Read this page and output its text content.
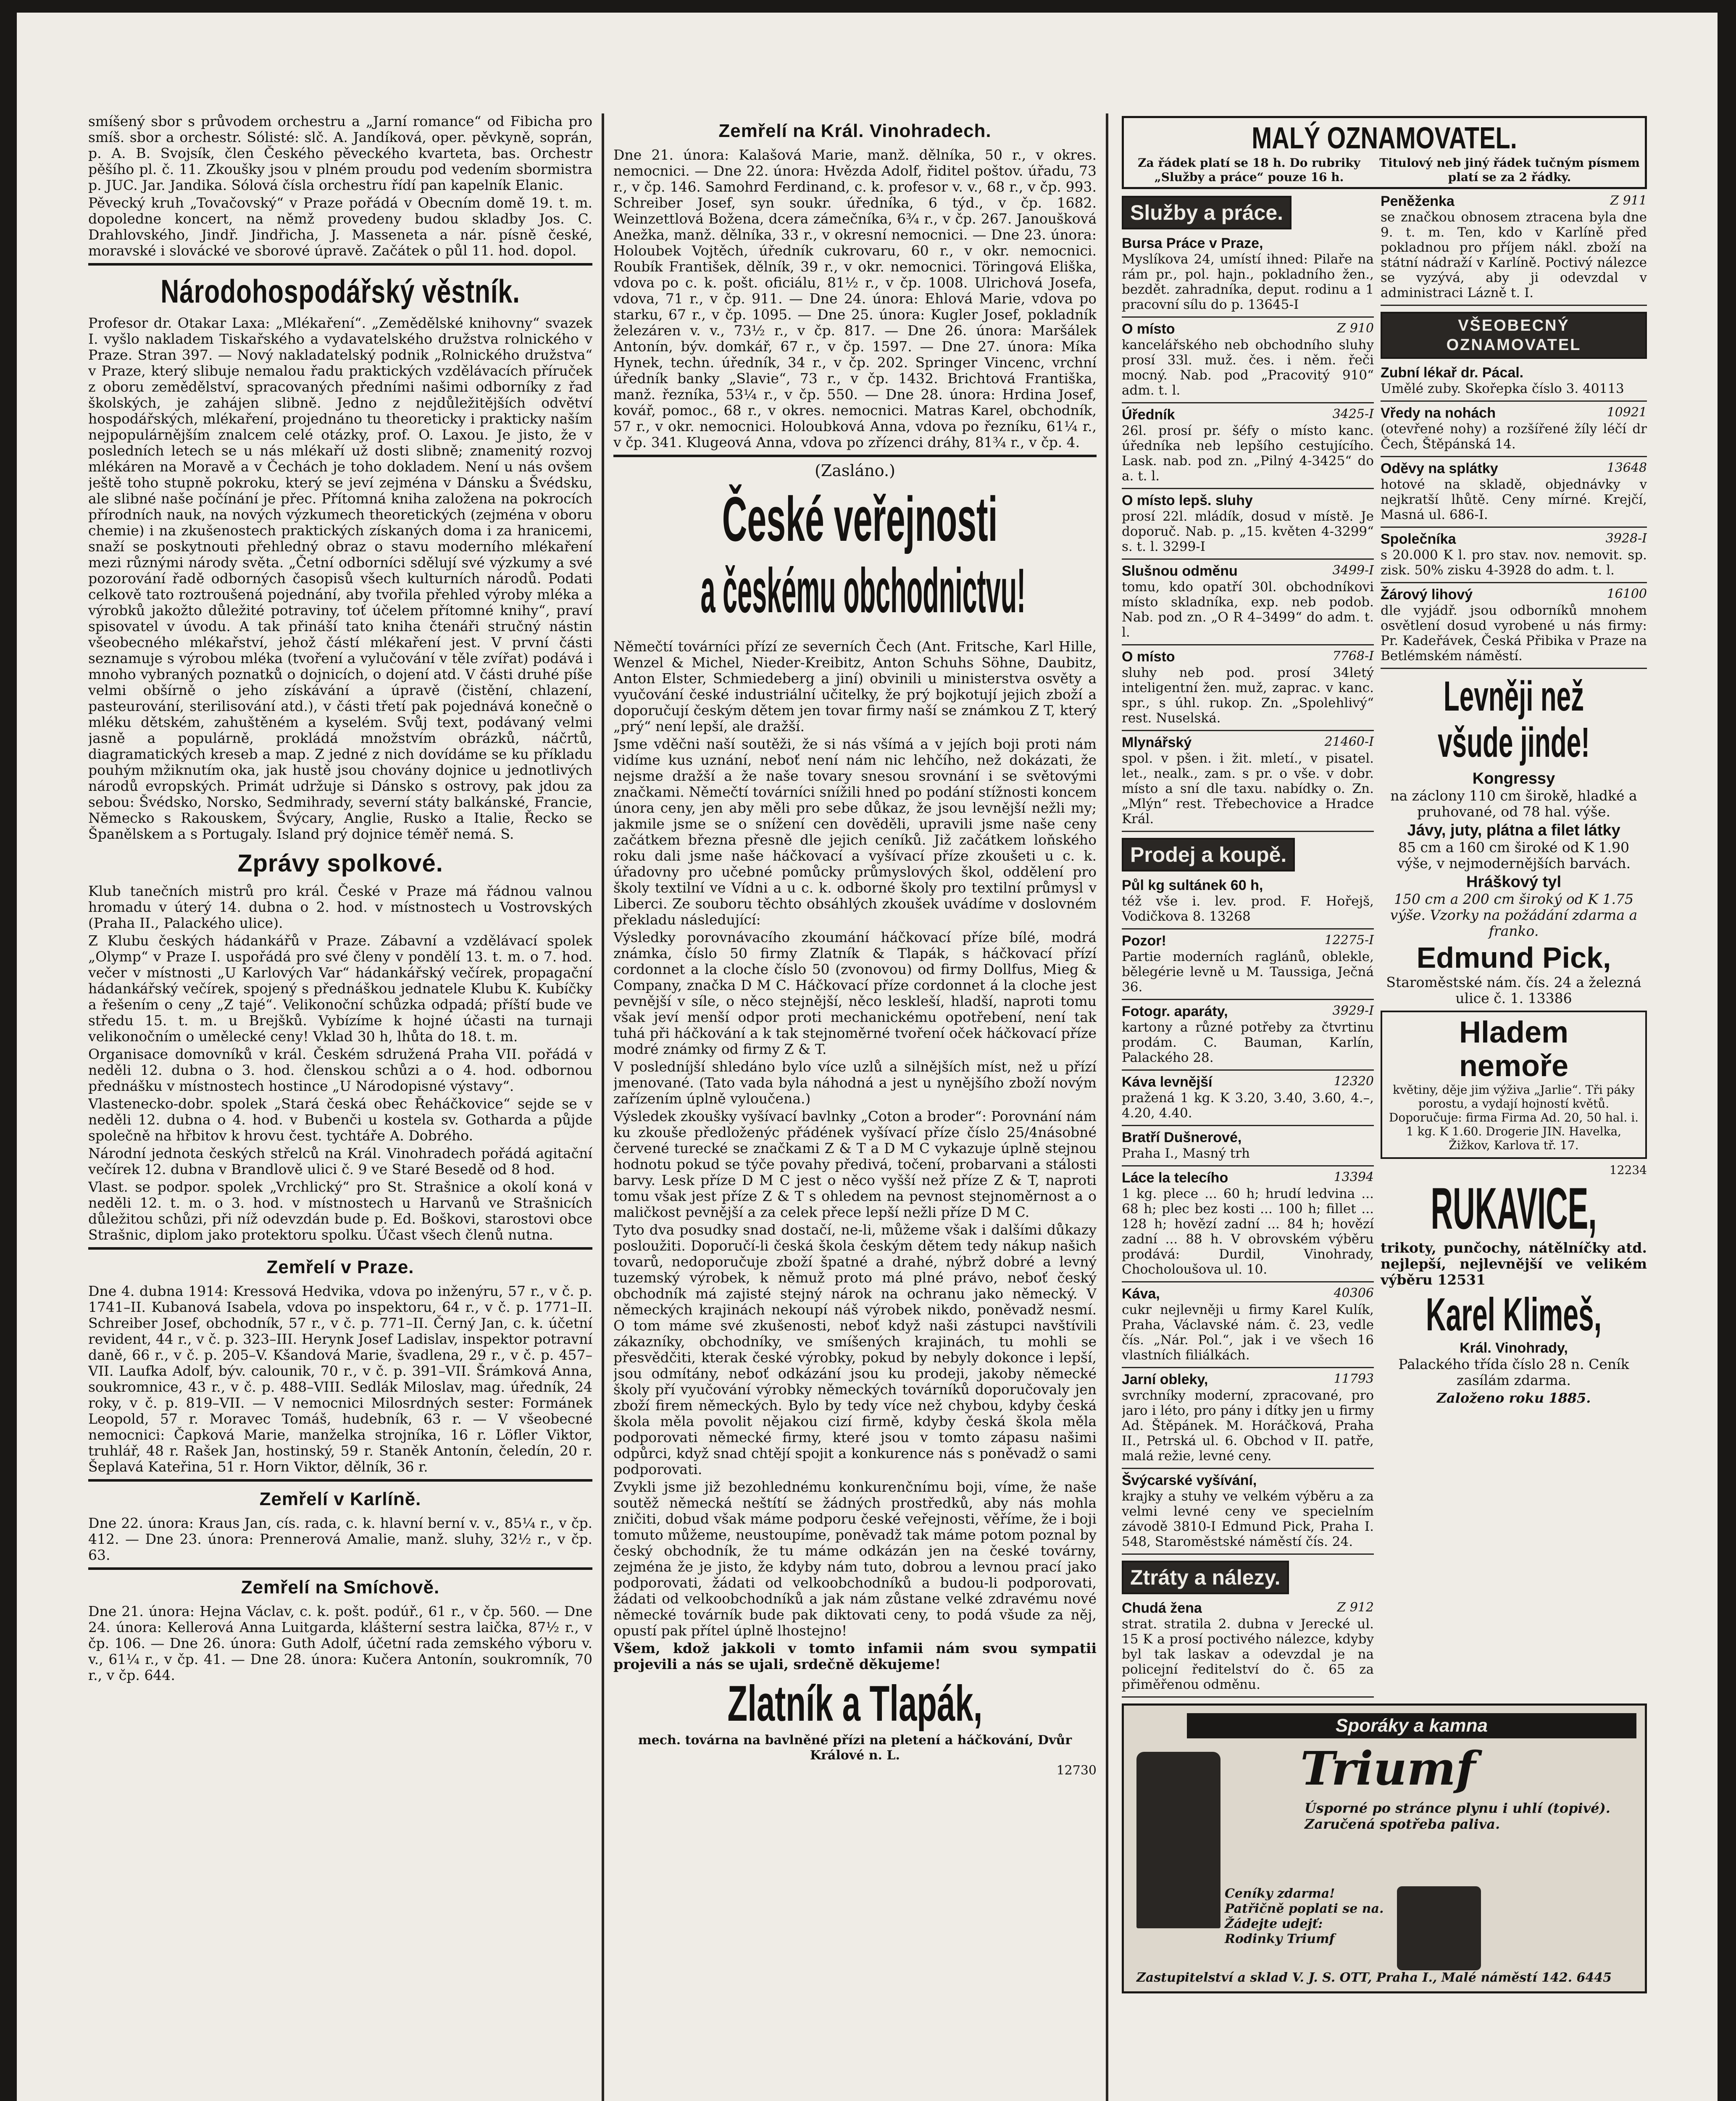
smíšený sbor s průvodem orchestru a „Jarní romance“ od Fibicha pro smíš. sbor a orchestr. Sólisté: slč. A. Jandíková, oper. pěvkyně, soprán, p. A. B. Svojsík, člen Českého pěveckého kvarteta, bas. Orchestr pěšího pl. č. 11. Zkoušky jsou v plném proudu pod vedením sbormistra p. JUC. Jar. Jandika. Sólová čísla orchestru řídí pan kapelník Elanic.

Pěvecký kruh „Tovačovský“ v Praze pořádá v Obecním domě 19. t. m. dopoledne koncert, na němž provedeny budou skladby Jos. C. Drahlovského, Jindř. Jindřicha, J. Masseneta a nár. písně české, moravské i slovácké ve sborové úpravě. Začátek o půl 11. hod. dopol.

Národohospodářský věstník.

Profesor dr. Otakar Laxa: „Mlékaření“. „Zemědělské knihovny“ svazek I. vyšlo nakladem Tiskařského a vydavatelského družstva rolnického v Praze. Stran 397. — Nový nakladatelský podnik „Rolnického družstva“ v Praze, který slibuje nemalou řadu praktických vzdělávacích příruček z oboru zemědělství, spracovaných předními našimi odborníky z řad školských, je zahájen slibně. Jedno z nejdůležitějších odvětví hospodářských, mlékaření, projednáno tu theoreticky i prakticky naším nejpopulárnějším znalcem celé otázky, prof. O. Laxou. Je jisto, že v posledních letech se u nás mlékaří už dosti slibně; znamenitý rozvoj mlékáren na Moravě a v Čechách je toho dokladem. Není u nás ovšem ještě toho stupně pokroku, který se jeví zejména v Dánsku a Švédsku, ale slibné naše počínání je přec. Přítomná kniha založena na pokrocích přírodních nauk, na nových výzkumech theoretických (zejména v oboru chemie) i na zkušenostech praktických získaných doma i za hranicemi, snaží se poskytnouti přehledný obraz o stavu moderního mlékaření mezi různými národy světa. „Četní odborníci sdělují své výzkumy a své pozorování řadě odborných časopisů všech kulturních národů. Podati celkově tato roztroušená pojednání, aby tvořila přehled výroby mléka a výrobků jakožto důležité potraviny, toť účelem přítomné knihy“, praví spisovatel v úvodu. A tak přináší tato kniha čtenáři stručný nástin všeobecného mlékařství, jehož částí mlékaření jest. V první části seznamuje s výrobou mléka (tvoření a vylučování v těle zvířat) podává i mnoho vybraných poznatků o dojnicích, o dojení atd. V části druhé píše velmi obšírně o jeho získávání a úpravě (čistění, chlazení, pasteurování, sterilisování atd.), v části třetí pak pojednává konečně o mléku dětském, zahuštěném a kyselém. Svůj text, podávaný velmi jasně a populárně, prokládá množstvím obrázků, náčrtů, diagramatických kreseb a map. Z jedné z nich dovídáme se ku příkladu pouhým mžiknutím oka, jak hustě jsou chovány dojnice u jednotlivých národů evropských. Primát udržuje si Dánsko s ostrovy, pak jdou za sebou: Švédsko, Norsko, Sedmihrady, severní státy balkánské, Francie, Německo s Rakouskem, Švýcary, Anglie, Rusko a Italie, Řecko se Španělskem a s Portugaly. Island prý dojnice téměř nemá. S.

Zprávy spolkové.

Klub tanečních mistrů pro král. České v Praze má řádnou valnou hromadu v úterý 14. dubna o 2. hod. v místnostech u Vostrovských (Praha II., Palackého ulice).

Z Klubu českých hádankářů v Praze. Zábavní a vzdělávací spolek „Olymp“ v Praze I. uspořádá pro své členy v pondělí 13. t. m. o 7. hod. večer v místnosti „U Karlových Var“ hádankářský večírek, propagační hádankářský večírek, spojený s přednáškou jednatele Klubu K. Kubíčky a řešením o ceny „Z tajé“. Velikonoční schůzka odpadá; příští bude ve středu 15. t. m. u Brejšků. Vybízíme k hojné účasti na turnaji velikonočním o umělecké ceny! Vklad 30 h, lhůta do 18. t. m.

Organisace domovníků v král. Českém sdružená Praha VII. pořádá v neděli 12. dubna o 3. hod. členskou schůzi a o 4. hod. odbornou přednášku v místnostech hostince „U Národopisné výstavy“.

Vlastenecko-dobr. spolek „Stará česká obec Řeháčkovice“ sejde se v neděli 12. dubna o 4. hod. v Bubenči u kostela sv. Gotharda a půjde společně na hřbitov k hrovu čest. tychtáře A. Dobrého.

Národní jednota českých střelců na Král. Vinohradech pořádá agitační večírek 12. dubna v Brandlově ulici č. 9 ve Staré Besedě od 8 hod.

Vlast. se podpor. spolek „Vrchlický“ pro St. Strašnice a okolí koná v neděli 12. t. m. o 3. hod. v místnostech u Harvanů ve Strašnicích důležitou schůzi, při níž odevzdán bude p. Ed. Boškovi, starostovi obce Strašnic, diplom jako protektoru spolku. Účast všech členů nutna.

Zemřelí v Praze.

Dne 4. dubna 1914: Kressová Hedvika, vdova po inženýru, 57 r., v č. p. 1741–II. Kubanová Isabela, vdova po inspektoru, 64 r., v č. p. 1771–II. Schreiber Josef, obchodník, 57 r., v č. p. 771–II. Černý Jan, c. k. účetní revident, 44 r., v č. p. 323–III. Herynk Josef Ladislav, inspektor potravní daně, 66 r., v č. p. 205–V. Kšandová Marie, švadlena, 29 r., v č. p. 457–VII. Laufka Adolf, býv. calounik, 70 r., v č. p. 391–VII. Šrámková Anna, soukromnice, 43 r., v č. p. 488–VIII. Sedlák Miloslav, mag. úředník, 24 roky, v č. p. 819–VII. — V nemocnici Milosrdných sester: Formánek Leopold, 57 r. Moravec Tomáš, hudebník, 63 r. — V všeobecné nemocnici: Čapková Marie, manželka strojníka, 16 r. Löfler Viktor, truhlář, 48 r. Rašek Jan, hostinský, 59 r. Staněk Antonín, čeledín, 20 r. Šeplavá Kateřina, 51 r. Horn Viktor, dělník, 36 r.

Zemřelí v Karlíně.

Dne 22. února: Kraus Jan, cís. rada, c. k. hlavní berní v. v., 85¼ r., v čp. 412. — Dne 23. února: Prennerová Amalie, manž. sluhy, 32½ r., v čp. 63.

Zemřelí na Smíchově.

Dne 21. února: Hejna Václav, c. k. pošt. podúř., 61 r., v čp. 560. — Dne 24. února: Kellerová Anna Luitgarda, klášterní sestra laička, 87½ r., v čp. 106. — Dne 26. února: Guth Adolf, účetní rada zemského výboru v. v., 61¼ r., v čp. 41. — Dne 28. února: Kučera Antonín, soukromník, 70 r., v čp. 644.

Zemřelí na Král. Vinohradech.

Dne 21. února: Kalašová Marie, manž. dělníka, 50 r., v okres. nemocnici. — Dne 22. února: Hvězda Adolf, řiditel poštov. úřadu, 73 r., v čp. 146. Samohrd Ferdinand, c. k. profesor v. v., 68 r., v čp. 993. Schreiber Josef, syn soukr. úředníka, 6 týd., v čp. 1682. Weinzettlová Božena, dcera zámečníka, 6¾ r., v čp. 267. Janoušková Anežka, manž. dělníka, 33 r., v okresní nemocnici. — Dne 23. února: Holoubek Vojtěch, úředník cukrovaru, 60 r., v okr. nemocnici. Roubík František, dělník, 39 r., v okr. nemocnici. Töringová Eliška, vdova po c. k. pošt. oficiálu, 81½ r., v čp. 1008. Ulrichová Josefa, vdova, 71 r., v čp. 911. — Dne 24. února: Ehlová Marie, vdova po starku, 67 r., v čp. 1095. — Dne 25. února: Kugler Josef, pokladník železáren v. v., 73½ r., v čp. 817. — Dne 26. února: Maršálek Antonín, býv. domkář, 67 r., v čp. 1597. — Dne 27. února: Míka Hynek, techn. úředník, 34 r., v čp. 202. Springer Vincenc, vrchní úředník banky „Slavie“, 73 r., v čp. 1432. Brichtová Františka, manž. řezníka, 53¼ r., v čp. 550. — Dne 28. února: Hrdina Josef, kovář, pomoc., 68 r., v okres. nemocnici. Matras Karel, obchodník, 57 r., v okr. nemocnici. Holoubková Anna, vdova po řezníku, 61¼ r., v čp. 341. Klugeová Anna, vdova po zřízenci dráhy, 81¾ r., v čp. 4.

(Zasláno.)
České veřejnosti
a českému obchodnictvu!

Němečtí továrníci přízí ze severních Čech (Ant. Fritsche, Karl Hille, Wenzel & Michel, Nieder-Kreibitz, Anton Schuhs Söhne, Daubitz, Anton Elster, Schmiedeberg a jiní) obvinili u ministerstva osvěty a vyučování české industriální učitelky, že prý bojkotují jejich zboží a doporučují českým dětem jen tovar firmy naší se známkou Z T, který „prý“ není lepší, ale dražší.

Jsme vděčni naší soutěži, že si nás všímá a v jejích boji proti nám vidíme kus uznání, neboť není nám nic lehčího, než dokázati, že nejsme dražší a že naše tovary snesou srovnání i se světovými značkami. Němečtí továrníci snížili hned po podání stížnosti koncem února ceny, jen aby měli pro sebe důkaz, že jsou levnější nežli my; jakmile jsme se o snížení cen dověděli, upravili jsme naše ceny začátkem března přesně dle jejich ceníků. Již začátkem loňského roku dali jsme naše háčkovací a vyšívací příze zkoušeti u c. k. úřadovny pro učebné pomůcky průmyslových škol, oddělení pro školy textilní ve Vídni a u c. k. odborné školy pro textilní průmysl v Liberci. Ze souboru těchto obsáhlých zkoušek uvádíme v doslovném překladu následující:

Výsledky porovnávacího zkoumání háčkovací příze bílé, modrá známka, číslo 50 firmy Zlatník & Tlapák, s háčkovací přízí cordonnet a la cloche číslo 50 (zvonovou) od firmy Dollfus, Mieg & Company, značka D M C. Háčkovací příze cordonnet á la cloche jest pevnější v síle, o něco stejnější, něco leskleší, hladší, naproti tomu však jeví menší odpor proti mechanickému opotřebení, není tak tuhá při háčkování a k tak stejnoměrné tvoření oček háčkovací příze modré známky od firmy Z & T.

V posledníjší shledáno bylo více uzlů a silnějších míst, než u přízí jmenované. (Tato vada byla náhodná a jest u nynějšího zboží novým zařízením úplně vyloučena.)

Výsledek zkoušky vyšívací bavlnky „Coton a broder“: Porovnání nám ku zkouše předloženýc přádének vyšívací příze číslo 25/4násobné červené turecké se značkami Z & T a D M C vykazuje úplně stejnou hodnotu pokud se týče povahy předivá, točení, probarvani a stálosti barvy. Lesk příze D M C jest o něco vyšší než příze Z & T, naproti tomu však jest příze Z & T s ohledem na pevnost stejnoměrnost a o maličkost pevnější a za celek přece lepší nežli příze D M C.

Tyto dva posudky snad dostačí, ne-li, můžeme však i dalšími důkazy posloužiti. Doporučí-li česká škola českým dětem tedy nákup našich tovarů, nedoporučuje zboží špatné a drahé, nýbrž dobré a levný tuzemský výrobek, k němuž proto má plné právo, neboť český obchodník má zajisté stejný nárok na ochranu jako německý. V německých krajinách nekoupí náš výrobek nikdo, poněvadž nesmí. O tom máme své zkušenosti, neboť když naši zástupci navštívili zákazníky, obchodníky, ve smíšených krajinách, tu mohli se přesvědčiti, kterak české výrobky, pokud by nebyly dokonce i lepší, jsou odmítány, neboť odkázání jsou ku prodeji, jakoby německé školy pří vyučování výrobky německých továrníků doporučovaly jen zboží firem německých. Bylo by tedy více než chybou, kdyby česká škola měla povolit nějakou cizí firmě, kdyby česká škola měla podporovati německé firmy, které jsou v tomto zápasu našimi odpůrci, když snad chtějí spojit a konkurence nás s poněvadž o sami podporovati.

Zvykli jsme již bezohlednému konkurenčnímu boji, víme, že naše soutěž německá neštítí se žádných prostředků, aby nás mohla zničiti, dobud však máme podporu české veřejnosti, věříme, že i boji tomuto můžeme, neustoupíme, poněvadž tak máme potom poznal by český obchodník, že tu máme odkázán jen na české továrny, zejména že je jisto, že kdyby nám tuto, dobrou a levnou prací jako podporovati, žádati od velkoobchodníků a budou-li podporovati, žádati od velkoobchodníků a jak nám zůstane velké zdravému nové německé továrník bude pak diktovati ceny, to podá všude za něj, opustí pak přítel úplně lhostejno!

Všem, kdož jakkoli v tomto infamii nám svou sympatii projevili a nás se ujali, srdečně děkujeme!

Zlatník a Tlapák,
mech. továrna na bavlněné přízi na pletení a háčkování, Dvůr Králové n. L.
12730
MALÝ OZNAMOVATEL.
Za řádek platí se 18 h. Do rubriky „Služby a práce“ pouze 16 h.
Titulový neb jiný řádek tučným písmem platí se za 2 řádky.
Služby a práce.
Bursa Práce v Praze,

Myslíkova 24, umístí ihned: Pilaře na rám pr., pol. hajn., pokladního žen., bezdět. zahradníka, deput. rodinu a 1 pracovní sílu do p. 13645-I

O místo	Z 910

kancelářského neb obchodního sluhy prosí 33l. muž. čes. i něm. řeči mocný. Nab. pod „Pracovitý 910“ adm. t. l.

Úředník	3425-I

26l. prosí pr. šéfy o místo kanc. úředníka neb lepšího cestujícího. Lask. nab. pod zn. „Pilný 4-3425“ do a. t. l.

O místo lepš. sluhy

prosí 22l. mládík, dosud v místě. Je doporuč. Nab. p. „15. květen 4-3299“ s. t. l. 3299-I

Slušnou odměnu	3499-I

tomu, kdo opatří 30l. obchodníkovi místo skladníka, exp. neb podob. Nab. pod zn. „O R 4–3499“ do adm. t. l.

O místo	7768-I

sluhy neb pod. prosí 34letý inteligentní žen. muž, zaprac. v kanc. spr., s úhl. rukop. Zn. „Spolehlivý“ rest. Nuselská.

Mlynářský	21460-I

spol. v pšen. i žit. mletí., v pisatel. let., nealk., zam. s pr. o vše. v dobr. místo a sní dle taxu. nabídky o. Zn. „Mlýn“ rest. Třebechovice a Hradce Král.

Prodej a koupě.
Půl kg sultánek 60 h,

též vše i. lev. prod. F. Hořejš, Vodičkova 8. 13268

Pozor!	12275-I

Partie moderních raglánů, oblekle, bělegérie levně u M. Taussiga, Ječná 36.

Fotogr. aparáty,	3929-I

kartony a různé potřeby za čtvrtinu prodám. C. Bauman, Karlín, Palackého 28.

Káva levnější	12320

pražená 1 kg. K 3.20, 3.40, 3.60, 4.–, 4.20, 4.40.

Bratří Dušnerové,

Praha I., Masný trh

Láce la telecího	13394

1 kg. plece ... 60 h; hrudí ledvina ... 68 h; plec bez kosti ... 100 h; fillet ... 128 h; hovězí zadní ... 84 h; hovězí zadní ... 88 h. V obrovském výběru prodává: Durdil, Vinohrady, Chocholoušova ul. 10.

Káva,	40306

cukr nejlevněji u firmy Karel Kulík, Praha, Václavské nám. č. 23, vedle čís. „Nár. Pol.“, jak i ve všech 16 vlastních filiálkách.

Jarní obleky,	11793

svrchníky moderní, zpracované, pro jaro i léto, pro pány i dítky jen u firmy Ad. Štěpánek. M. Horáčková, Praha II., Petrská ul. 6. Obchod v II. patře, malá režie, levné ceny.

Švýcarské vyšívání,

krajky a stuhy ve velkém výběru a za velmi levné ceny ve specielním závodě 3810-I Edmund Pick, Praha I. 548, Staroměstské náměstí čís. 24.

Ztráty a nálezy.
Chudá žena	Z 912

strat. stratila 2. dubna v Jerecké ul. 15 K a prosí poctivého nálezce, kdyby byl tak laskav a odevzdal je na policejní ředitelství do č. 65 za přiměřenou odměnu.

Peněženka	Z 911

se značkou obnosem ztracena byla dne 9. t. m. Ten, kdo v Karlíně před pokladnou pro příjem nákl. zboží na státní nádraží v Karlíně. Poctivý nálezce se vyzývá, aby ji odevzdal v administraci Lázně t. I.

VŠEOBECNÝ OZNAMOVATEL
Zubní lékař dr. Pácal.

Umělé zuby. Skořepka číslo 3. 40113

Vředy na nohách	10921

(otevřené nohy) a rozšířené žíly léčí dr Čech, Štěpánská 14.

Oděvy na splátky	13648

hotové na skladě, objednávky v nejkratší lhůtě. Ceny mírné. Krejčí, Masná ul. 686-I.

Společníka	3928-I

s 20.000 K l. pro stav. nov. nemovit. sp. zisk. 50% zisku 4-3928 do adm. t. l.

Žárový lihový	16100

dle vyjádř. jsou odborníků mnohem osvětlení dosud vyrobené u nás firmy: Pr. Kadeřávek, Česká Přibika v Praze na Betlémském náměstí.

Levněji než
všude jinde!
Kongressy

na záclony 110 cm širokě, hladké a pruhované, od 78 hal. výše.

Jávy, juty, plátna a filet látky

85 cm a 160 cm široké od K 1.90 výše, v nejmodernějších barvách.

Hráškový tyl

150 cm a 200 cm široký od K 1.75 výše. Vzorky na požádání zdarma a franko.

Edmund Pick,

Staroměstské nám. čís. 24 a železná ulice č. 1. 13386

Hladem
nemoře

květiny, děje jim výživa „Jarlie“. Tři páky porostu, a vydají hojností květů. Doporučuje: firma Firma Ad. 20, 50 hal. i. 1 kg. K 1.60. Drogerie JIN. Havelka, Žižkov, Karlova tř. 17.

12234
RUKAVICE,

trikoty, punčochy, nátělníčky atd. nejlepší, nejlevnější ve velikém výběru 12531

Karel Klimeš,
Král. Vinohrady,

Palackého třída číslo 28 n. Ceník zasílám zdarma.

Založeno roku 1885.
Sporáky a kamna
Triumf
Úsporné po stránce plynu i uhlí (topivé). Zaručená spotřeba paliva.
Ceníky zdarma! Patřičně poplati se na. Žádejte udejť: Rodinky Triumf
Zastupitelství a sklad V. J. S. OTT, Praha I., Malé náměstí 142. 6445
